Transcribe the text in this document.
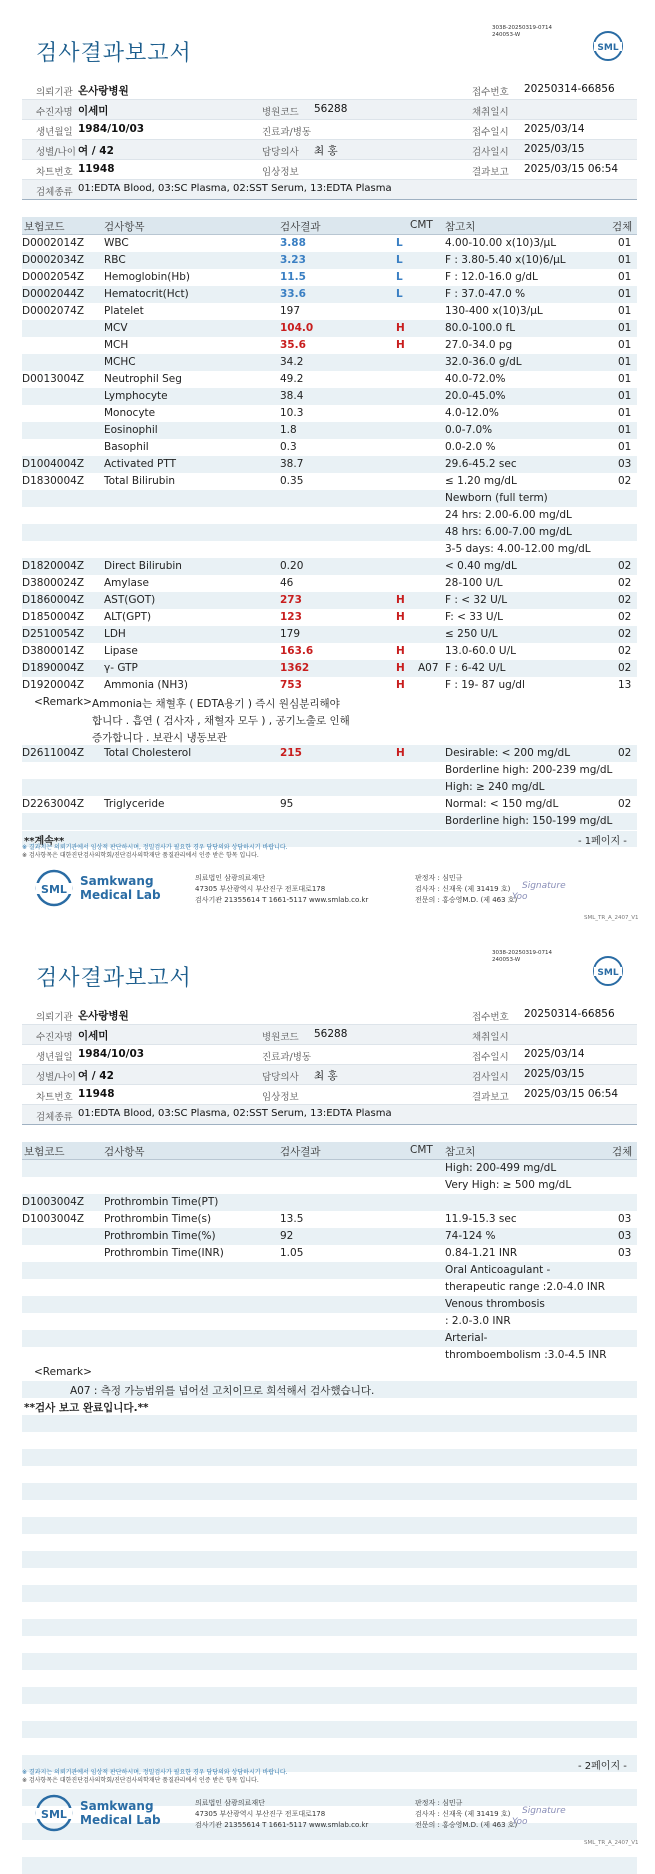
3038-20250319-0714
240053-W
검사결과보고서	SML
의뢰기관 온사랑병원	접수번호 20250314-66856
수진자명 이세미	병원코드 56288	채취일시
생년월일 1984/10/03	진료과/병동	접수일시 2025/03/14
성별/나이 여 / 42	담당의사 최 홍	검사일시 2025/03/15
차트번호 11948	임상정보	결과보고 2025/03/15 06:54
검체종류 01:EDTA Blood, 03:SC Plasma, 02:SST Serum, 13:EDTA Plasma
보험코드	검사항목	검사결과	CMT 참고치	검체
D0002014Z WBC	3.88	L	4.00-10.00 x(10)3/μL	01
D0002034Z RBC	3.23	L	F : 3.80-5.40 x(10)6/μL	01
D0002054Z Hemoglobin(Hb)	11.5	L	F : 12.0-16.0 g/dL	01
D0002044Z Hematocrit(Hct)	33.6	L	F : 37.0-47.0 %	01
D0002074Z Platelet	197	130-400 x(10)3/μL	01
MCV	104.0	H	80.0-100.0 fL	01
MCH	35.6	H	27.0-34.0 pg	01
MCHC	34.2	32.0-36.0 g/dL	01
D0013004Z Neutrophil Seg	49.2	40.0-72.0%	01
Lymphocyte	38.4	20.0-45.0%	01
Monocyte	10.3	4.0-12.0%	01
Eosinophil	1.8	0.0-7.0%	01
Basophil	0.3	0.0-2.0 %	01
D1004004Z Activated PTT	38.7	29.6-45.2 sec	03
D1830004Z Total Bilirubin	0.35	≤ 1.20 mg/dL	02
Newborn (full term)
24 hrs: 2.00-6.00 mg/dL
48 hrs: 6.00-7.00 mg/dL
3-5 days: 4.00-12.00 mg/dL
D1820004Z Direct Bilirubin	0.20	< 0.40 mg/dL	02
D3800024Z Amylase	46	28-100 U/L	02
D1860004Z AST(GOT)	273	H	F : < 32 U/L	02
D1850004Z ALT(GPT)	123	H	F: < 33 U/L	02
D2510054Z LDH	179	≤ 250 U/L	02
D3800014Z Lipase	163.6	H	13.0-60.0 U/L	02
D1890004Z γ- GTP	1362	H A07 F : 6-42 U/L	02
D1920004Z Ammonia (NH3)	753	H	F : 19- 87 ug/dl	13
<Remark> Ammonia는 채혈후 ( EDTA용기 ) 즉시 원심분리해야
합니다 . 흡연 ( 검사자 , 채혈자 모두 ) , 공기노출로 인해
증가합니다 . 보관시 냉동보관
D2611004Z Total Cholesterol	215	H	Desirable: < 200 mg/dL	02
Borderline high: 200-239 mg/dL
High: ≥ 240 mg/dL
D2263004Z Triglyceride	95	Normal: < 150 mg/dL	02
Borderline high: 150-199 mg/dL
**계속**	- 1페이지 -
※ 결과지는 의뢰기관에서 임상적 판단하시며, 정밀검사가 필요한 경우 담당의와 상담하시기 바랍니다.
※ 검사항목은 대한진단검사의학회/진단검사의학재단 품질관리에서 인증 받은 항목 입니다.
SML
Samkwang
Medical Lab
의료법인 삼광의료재단
47305 부산광역시 부산진구 전포대로178
검사기관 21355614 T 1661-5117 www.smlab.co.kr
판정자 : 심민규
검사자 : 신재욱 (제 31419 호)
전문의 : 홍승영M.D. (제 463 호)
Signature
Yoo
SML_TR_A_2407_V1
3038-20250319-0714
240053-W
검사결과보고서	SML
의뢰기관 온사랑병원	접수번호 20250314-66856
수진자명 이세미	병원코드 56288	채취일시
생년월일 1984/10/03	진료과/병동	접수일시 2025/03/14
성별/나이 여 / 42	담당의사 최 홍	검사일시 2025/03/15
차트번호 11948	임상정보	결과보고 2025/03/15 06:54
검체종류 01:EDTA Blood, 03:SC Plasma, 02:SST Serum, 13:EDTA Plasma
보험코드	검사항목	검사결과	CMT 참고치	검체
High: 200-499 mg/dL
Very High: ≥ 500 mg/dL
D1003004Z Prothrombin Time(PT)
D1003004Z Prothrombin Time(s)	13.5	11.9-15.3 sec	03
Prothrombin Time(%)	92	74-124 %	03
Prothrombin Time(INR)	1.05	0.84-1.21 INR	03
Oral Anticoagulant -
therapeutic range :2.0-4.0 INR
Venous thrombosis
: 2.0-3.0 INR
Arterial-
thromboembolism :3.0-4.5 INR
<Remark>
A07 : 측정 가능범위를 넘어선 고치이므로 희석해서 검사했습니다.
**검사 보고 완료입니다.**
- 2페이지 -
※ 결과지는 의뢰기관에서 임상적 판단하시며, 정밀검사가 필요한 경우 담당의와 상담하시기 바랍니다.
※ 검사항목은 대한진단검사의학회/진단검사의학재단 품질관리에서 인증 받은 항목 입니다.
SML
Samkwang
Medical Lab
의료법인 삼광의료재단
47305 부산광역시 부산진구 전포대로178
검사기관 21355614 T 1661-5117 www.smlab.co.kr
판정자 : 심민규
검사자 : 신재욱 (제 31419 호)
전문의 : 홍승영M.D. (제 463 호)
Signature
Yoo
SML_TR_A_2407_V1
